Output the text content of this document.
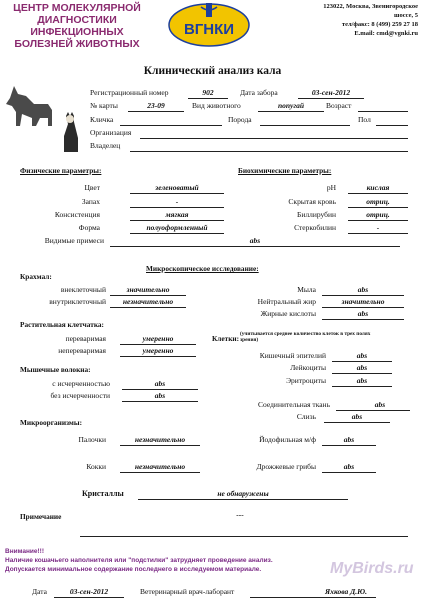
ЦЕНТР МОЛЕКУЛЯРНОЙ
ДИАГНОСТИКИ
ИНФЕКЦИОННЫХ
БОЛЕЗНЕЙ ЖИВОТНЫХ
ВГНКИ
123022, Москва, Звенигородское
шоссе, 5
тел/факс: 8 (499) 259 27 18
E.mail: cmd@vgnki.ru
Клинический анализ кала
Регистрационный номер	902	Дата забора	03-сен-2012
№ карты	23-09	Вид животного	попугай	Возраст
Кличка	Порода	Пол
Организация
Владелец
Физические параметры:	Биохимические параметры:
Цвет	зеленоватый
Запах	-
Консистенция	мягкая
Форма	полуоформленный
Видимые примеси	abs
pH	кислая
Скрытая кровь	отриц.
Биллирубин	отриц.
Стеркобилин	-
Микроскопическое исследование:
Крахмал:
внеклеточный	значительно
внутриклеточный	незначительно
Мыла	abs
Нейтральный жир	значительно
Жирные кислоты	abs
Растительная клетчатка:
переваримая	умеренно
непереваримая	умеренно
Клетки: (учитывается среднее количество клеток в трех полях зрения)
Кишечный эпителий	abs
Лейкоциты	abs
Эритроциты	abs
Соединительная ткань	abs
Слизь	abs
Мышечные волокна:
с исчерченностью	abs
без исчерченности	abs
Микроорганизмы:
Палочки	незначительно
Кокки	незначительно
Йодофильная м/ф	abs
Дрожжевые грибы	abs
Кристаллы	не обнаружены
Примечание	---
Внимание!!!
Наличие кошачьего наполнителя или "подстилки" затрудняет проведение анализ.
Допускается минимальное содержание последнего в исследуемом материале.
Дата	03-сен-2012	Ветеринарный врач-лаборант	Яхкова Д.Ю.
MyBirds.ru
